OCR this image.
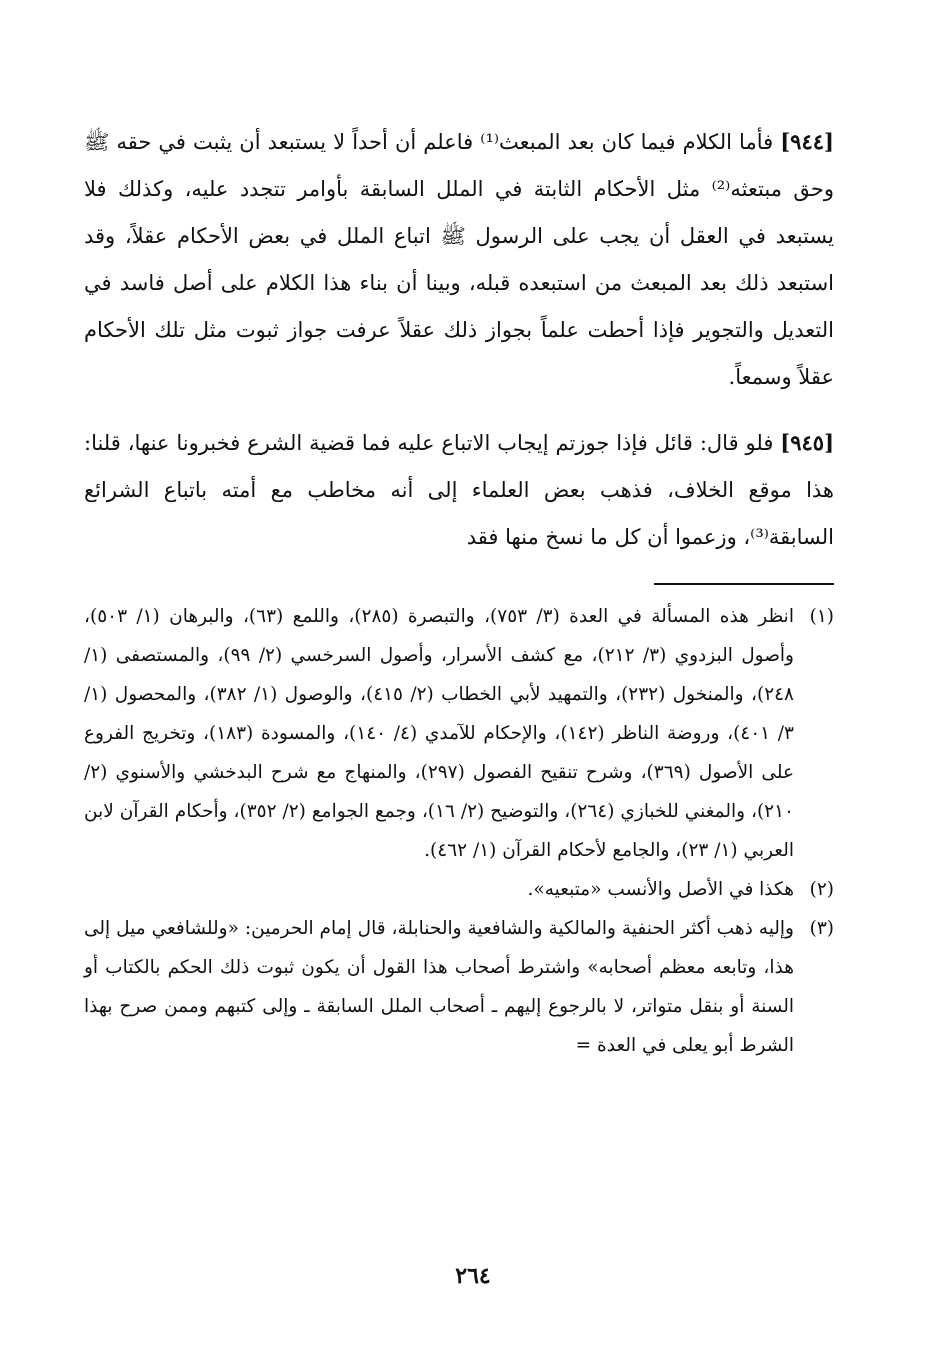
[٩٤٤] فأما الكلام فيما كان بعد المبعث⁽¹⁾ فاعلم أن أحداً لا يستبعد أن يثبت في حقه ﷺ وحق مبتعثه⁽²⁾ مثل الأحكام الثابتة في الملل السابقة بأوامر تتجدد عليه، وكذلك فلا يستبعد في العقل أن يجب على الرسول ﷺ اتباع الملل في بعض الأحكام عقلاً، وقد استبعد ذلك بعد المبعث من استبعده قبله، وبينا أن بناء هذا الكلام على أصل فاسد في التعديل والتجوير فإذا أحطت علماً بجواز ذلك عقلاً عرفت جواز ثبوت مثل تلك الأحكام عقلاً وسمعاً.
[٩٤٥] فلو قال: قائل فإذا جوزتم إيجاب الاتباع عليه فما قضية الشرع فخبرونا عنها، قلنا: هذا موقع الخلاف، فذهب بعض العلماء إلى أنه مخاطب مع أمته باتباع الشرائع السابقة⁽³⁾، وزعموا أن كل ما نسخ منها فقد
(١)
انظر هذه المسألة في العدة (٣/ ٧٥٣)، والتبصرة (٢٨٥)، واللمع (٦٣)، والبرهان (١/ ٥٠٣)، وأصول البزدوي (٣/ ٢١٢)، مع كشف الأسرار، وأصول السرخسي (٢/ ٩٩)، والمستصفى (١/ ٢٤٨)، والمنخول (٢٣٢)، والتمهيد لأبي الخطاب (٢/ ٤١٥)، والوصول (١/ ٣٨٢)، والمحصول (١/ ٣/ ٤٠١)، وروضة الناظر (١٤٢)، والإحكام للآمدي (٤/ ١٤٠)، والمسودة (١٨٣)، وتخريج الفروع على الأصول (٣٦٩)، وشرح تنقيح الفصول (٢٩٧)، والمنهاج مع شرح البدخشي والأسنوي (٢/ ٢١٠)، والمغني للخبازي (٢٦٤)، والتوضيح (٢/ ١٦)، وجمع الجوامع (٢/ ٣٥٢)، وأحكام القرآن لابن العربي (١/ ٢٣)، والجامع لأحكام القرآن (١/ ٤٦٢).
(٢)
هكذا في الأصل والأنسب «متبعيه».
(٣)
وإليه ذهب أكثر الحنفية والمالكية والشافعية والحنابلة، قال إمام الحرمين: «وللشافعي ميل إلى هذا، وتابعه معظم أصحابه» واشترط أصحاب هذا القول أن يكون ثبوت ذلك الحكم بالكتاب أو السنة أو بنقل متواتر، لا بالرجوع إليهم ـ أصحاب الملل السابقة ـ وإلى كتبهم وممن صرح بهذا الشرط أبو يعلى في العدة =
٢٦٤
